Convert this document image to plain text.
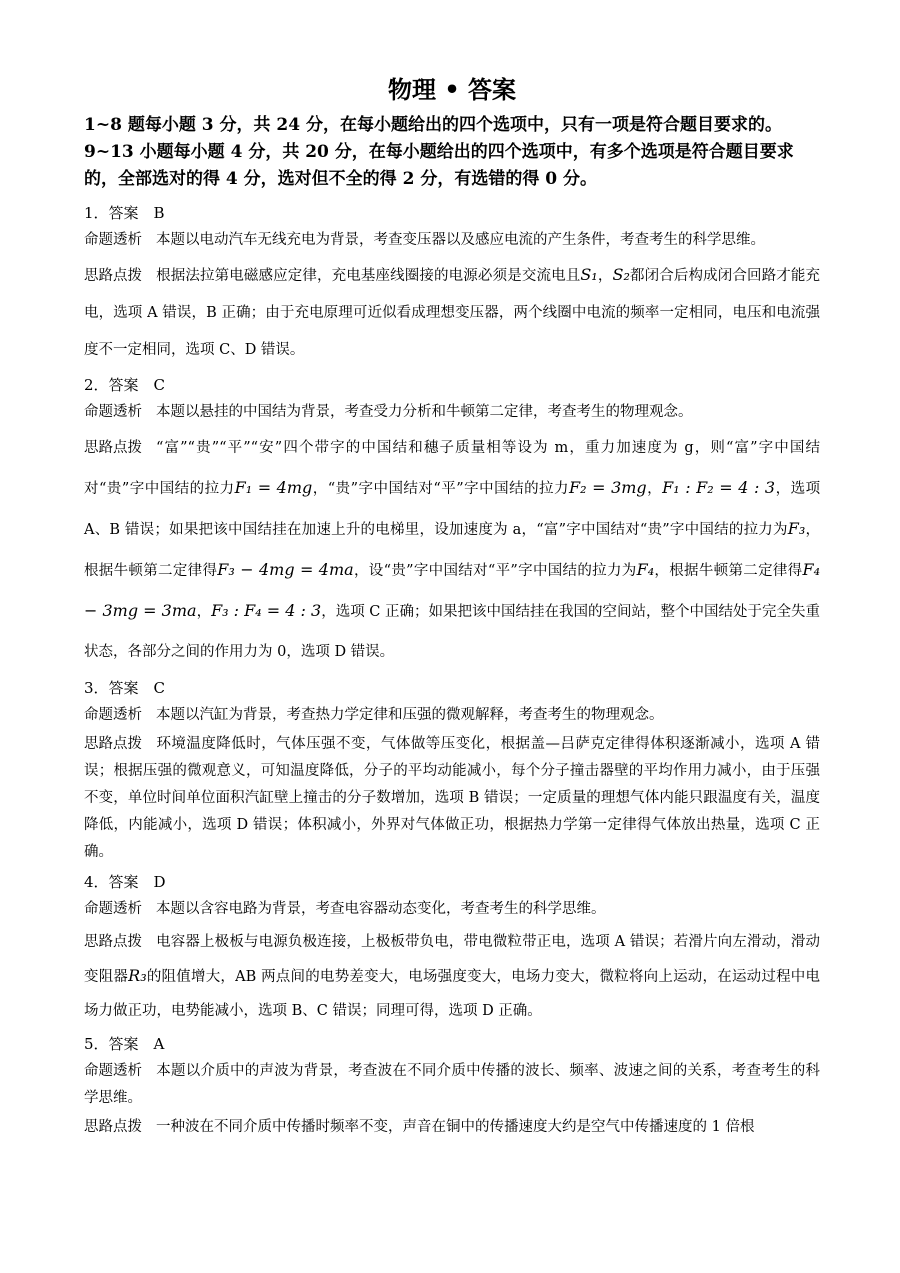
物理 • 答案

1~8 题每小题 3 分，共 24 分，在每小题给出的四个选项中，只有一项是符合题目要求的。9~13 小题每小题 4 分，共 20 分，在每小题给出的四个选项中，有多个选项是符合题目要求的，全部选对的得 4 分，选对但不全的得 2 分，有选错的得 0 分。

1．答案　B

命题透析 本题以电动汽车无线充电为背景，考查变压器以及感应电流的产生条件，考查考生的科学思维。

思路点拨 根据法拉第电磁感应定律，充电基座线圈接的电源必须是交流电且S₁，S₂都闭合后构成闭合回路才能充电，选项 A 错误，B 正确；由于充电原理可近似看成理想变压器，两个线圈中电流的频率一定相同，电压和电流强度不一定相同，选项 C、D 错误。

2．答案　C

命题透析 本题以悬挂的中国结为背景，考查受力分析和牛顿第二定律，考查考生的物理观念。

思路点拨 “富”“贵”“平”“安”四个带字的中国结和穗子质量相等设为 m，重力加速度为 g，则“富”字中国结对“贵”字中国结的拉力F₁ = 4mg，“贵”字中国结对“平”字中国结的拉力F₂ = 3mg，F₁ : F₂ = 4 : 3，选项 A、B 错误；如果把该中国结挂在加速上升的电梯里，设加速度为 a，“富”字中国结对“贵”字中国结的拉力为F₃，根据牛顿第二定律得F₃ − 4mg = 4ma，设“贵”字中国结对“平”字中国结的拉力为F₄，根据牛顿第二定律得F₄ − 3mg = 3ma，F₃ : F₄ = 4 : 3，选项 C 正确；如果把该中国结挂在我国的空间站，整个中国结处于完全失重状态，各部分之间的作用力为 0，选项 D 错误。

3．答案　C

命题透析 本题以汽缸为背景，考查热力学定律和压强的微观解释，考查考生的物理观念。

思路点拨 环境温度降低时，气体压强不变，气体做等压变化，根据盖—吕萨克定律得体积逐渐减小，选项 A 错误；根据压强的微观意义，可知温度降低，分子的平均动能减小，每个分子撞击器壁的平均作用力减小，由于压强不变，单位时间单位面积汽缸壁上撞击的分子数增加，选项 B 错误；一定质量的理想气体内能只跟温度有关，温度降低，内能减小，选项 D 错误；体积减小，外界对气体做正功，根据热力学第一定律得气体放出热量，选项 C 正确。

4．答案　D

命题透析 本题以含容电路为背景，考查电容器动态变化，考查考生的科学思维。

思路点拨 电容器上极板与电源负极连接，上极板带负电，带电微粒带正电，选项 A 错误；若滑片向左滑动，滑动变阻器R₃的阻值增大，AB 两点间的电势差变大，电场强度变大，电场力变大，微粒将向上运动，在运动过程中电场力做正功，电势能减小，选项 B、C 错误；同理可得，选项 D 正确。

5．答案　A

命题透析 本题以介质中的声波为背景，考查波在不同介质中传播的波长、频率、波速之间的关系，考查考生的科学思维。

思路点拨 一种波在不同介质中传播时频率不变，声音在铜中的传播速度大约是空气中传播速度的 1 倍根
